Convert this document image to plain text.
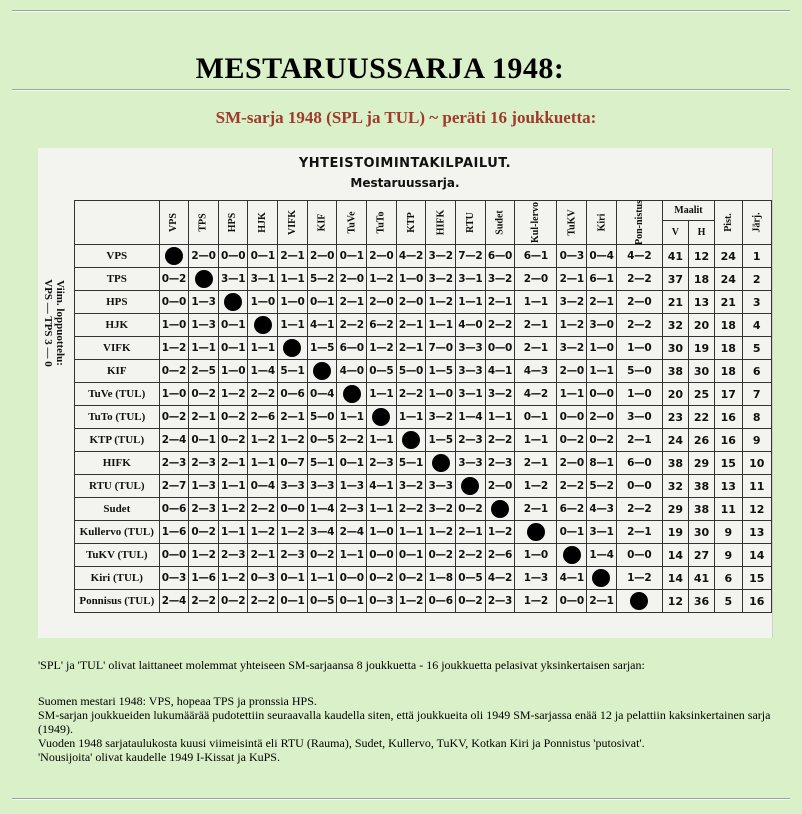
MESTARUUSSARJA 1948:
SM-sarja 1948 (SPL ja TUL) ~ peräti 16 joukkuetta:
YHTEISTOIMINTAKILPAILUT.
Mestaruussarja.
Viim. loppuottelu:
VPS — TPS 3 — 0
	VPS	TPS	HPS	HJK	VIFK	KIF	TuVe	TuTo	KTP	HIFK	RTU	Sudet	Kul-lervo	TuKV	Kiri	Pon-nistus	Maalit		Pist.	Järj.
																	V	H		
VPS		2—0	0—0	0—1	2—1	2—0	0—1	2—0	4—2	3—2	7—2	6—0	6—1	0—3	0—4	4—2	41	12	24	1
TPS	0—2		3—1	3—1	1—1	5—2	2—0	1—2	1—0	3—2	3—1	3—2	2—0	2—1	6—1	2—2	37	18	24	2
HPS	0—0	1—3		1—0	1—0	0—1	2—1	2—0	2—0	1—2	1—1	2—1	1—1	3—2	2—1	2—0	21	13	21	3
HJK	1—0	1—3	0—1		1—1	4—1	2—2	6—2	2—1	1—1	4—0	2—2	2—1	1—2	3—0	2—2	32	20	18	4
VIFK	1—2	1—1	0—1	1—1		1—5	6—0	1—2	2—1	7—0	3—3	0—0	2—1	3—2	1—0	1—0	30	19	18	5
KIF	0—2	2—5	1—0	1—4	5—1		4—0	0—5	5—0	1—5	3—3	4—1	4—3	2—0	1—1	5—0	38	30	18	6
TuVe (TUL)	1—0	0—2	1—2	2—2	0—6	0—4		1—1	2—2	1—0	3—1	3—2	4—2	1—1	0—0	1—0	20	25	17	7
TuTo (TUL)	0—2	2—1	0—2	2—6	2—1	5—0	1—1		1—1	3—2	1—4	1—1	0—1	0—0	2—0	3—0	23	22	16	8
KTP (TUL)	2—4	0—1	0—2	1—2	1—2	0—5	2—2	1—1		1—5	2—3	2—2	1—1	0—2	0—2	2—1	24	26	16	9
HIFK	2—3	2—3	2—1	1—1	0—7	5—1	0—1	2—3	5—1		3—3	2—3	2—1	2—0	8—1	6—0	38	29	15	10
RTU (TUL)	2—7	1—3	1—1	0—4	3—3	3—3	1—3	4—1	3—2	3—3		2—0	1—2	2—2	5—2	0—0	32	38	13	11
Sudet	0—6	2—3	1—2	2—2	0—0	1—4	2—3	1—1	2—2	3—2	0—2		2—1	6—2	4—3	2—2	29	38	11	12
Kullervo (TUL)	1—6	0—2	1—1	1—2	1—2	3—4	2—4	1—0	1—1	1—2	2—1	1—2		0—1	3—1	2—1	19	30	9	13
TuKV (TUL)	0—0	1—2	2—3	2—1	2—3	0—2	1—1	0—0	0—1	0—2	2—2	2—6	1—0		1—4	0—0	14	27	9	14
Kiri (TUL)	0—3	1—6	1—2	0—3	0—1	1—1	0—0	0—2	0—2	1—8	0—5	4—2	1—3	4—1		1—2	14	41	6	15
Ponnisus (TUL)	2—4	2—2	0—2	2—2	0—1	0—5	0—1	0—3	1—2	0—6	0—2	2—3	1—2	0—0	2—1		12	36	5	16

'SPL' ja 'TUL' olivat laittaneet molemmat yhteiseen SM-sarjaansa 8 joukkuetta - 16 joukkuetta pelasivat yksinkertaisen sarjan:

Suomen mestari 1948: VPS, hopeaa TPS ja pronssia HPS.

SM-sarjan joukkueiden lukumäärää pudotettiin seuraavalla kaudella siten, että joukkueita oli 1949 SM-sarjassa enää 12 ja pelattiin kaksinkertainen sarja (1949).

Vuoden 1948 sarjataulukosta kuusi viimeisintä eli RTU (Rauma), Sudet, Kullervo, TuKV, Kotkan Kiri ja Ponnistus 'putosivat'.

'Nousijoita' olivat kaudelle 1949 I-Kissat ja KuPS.
